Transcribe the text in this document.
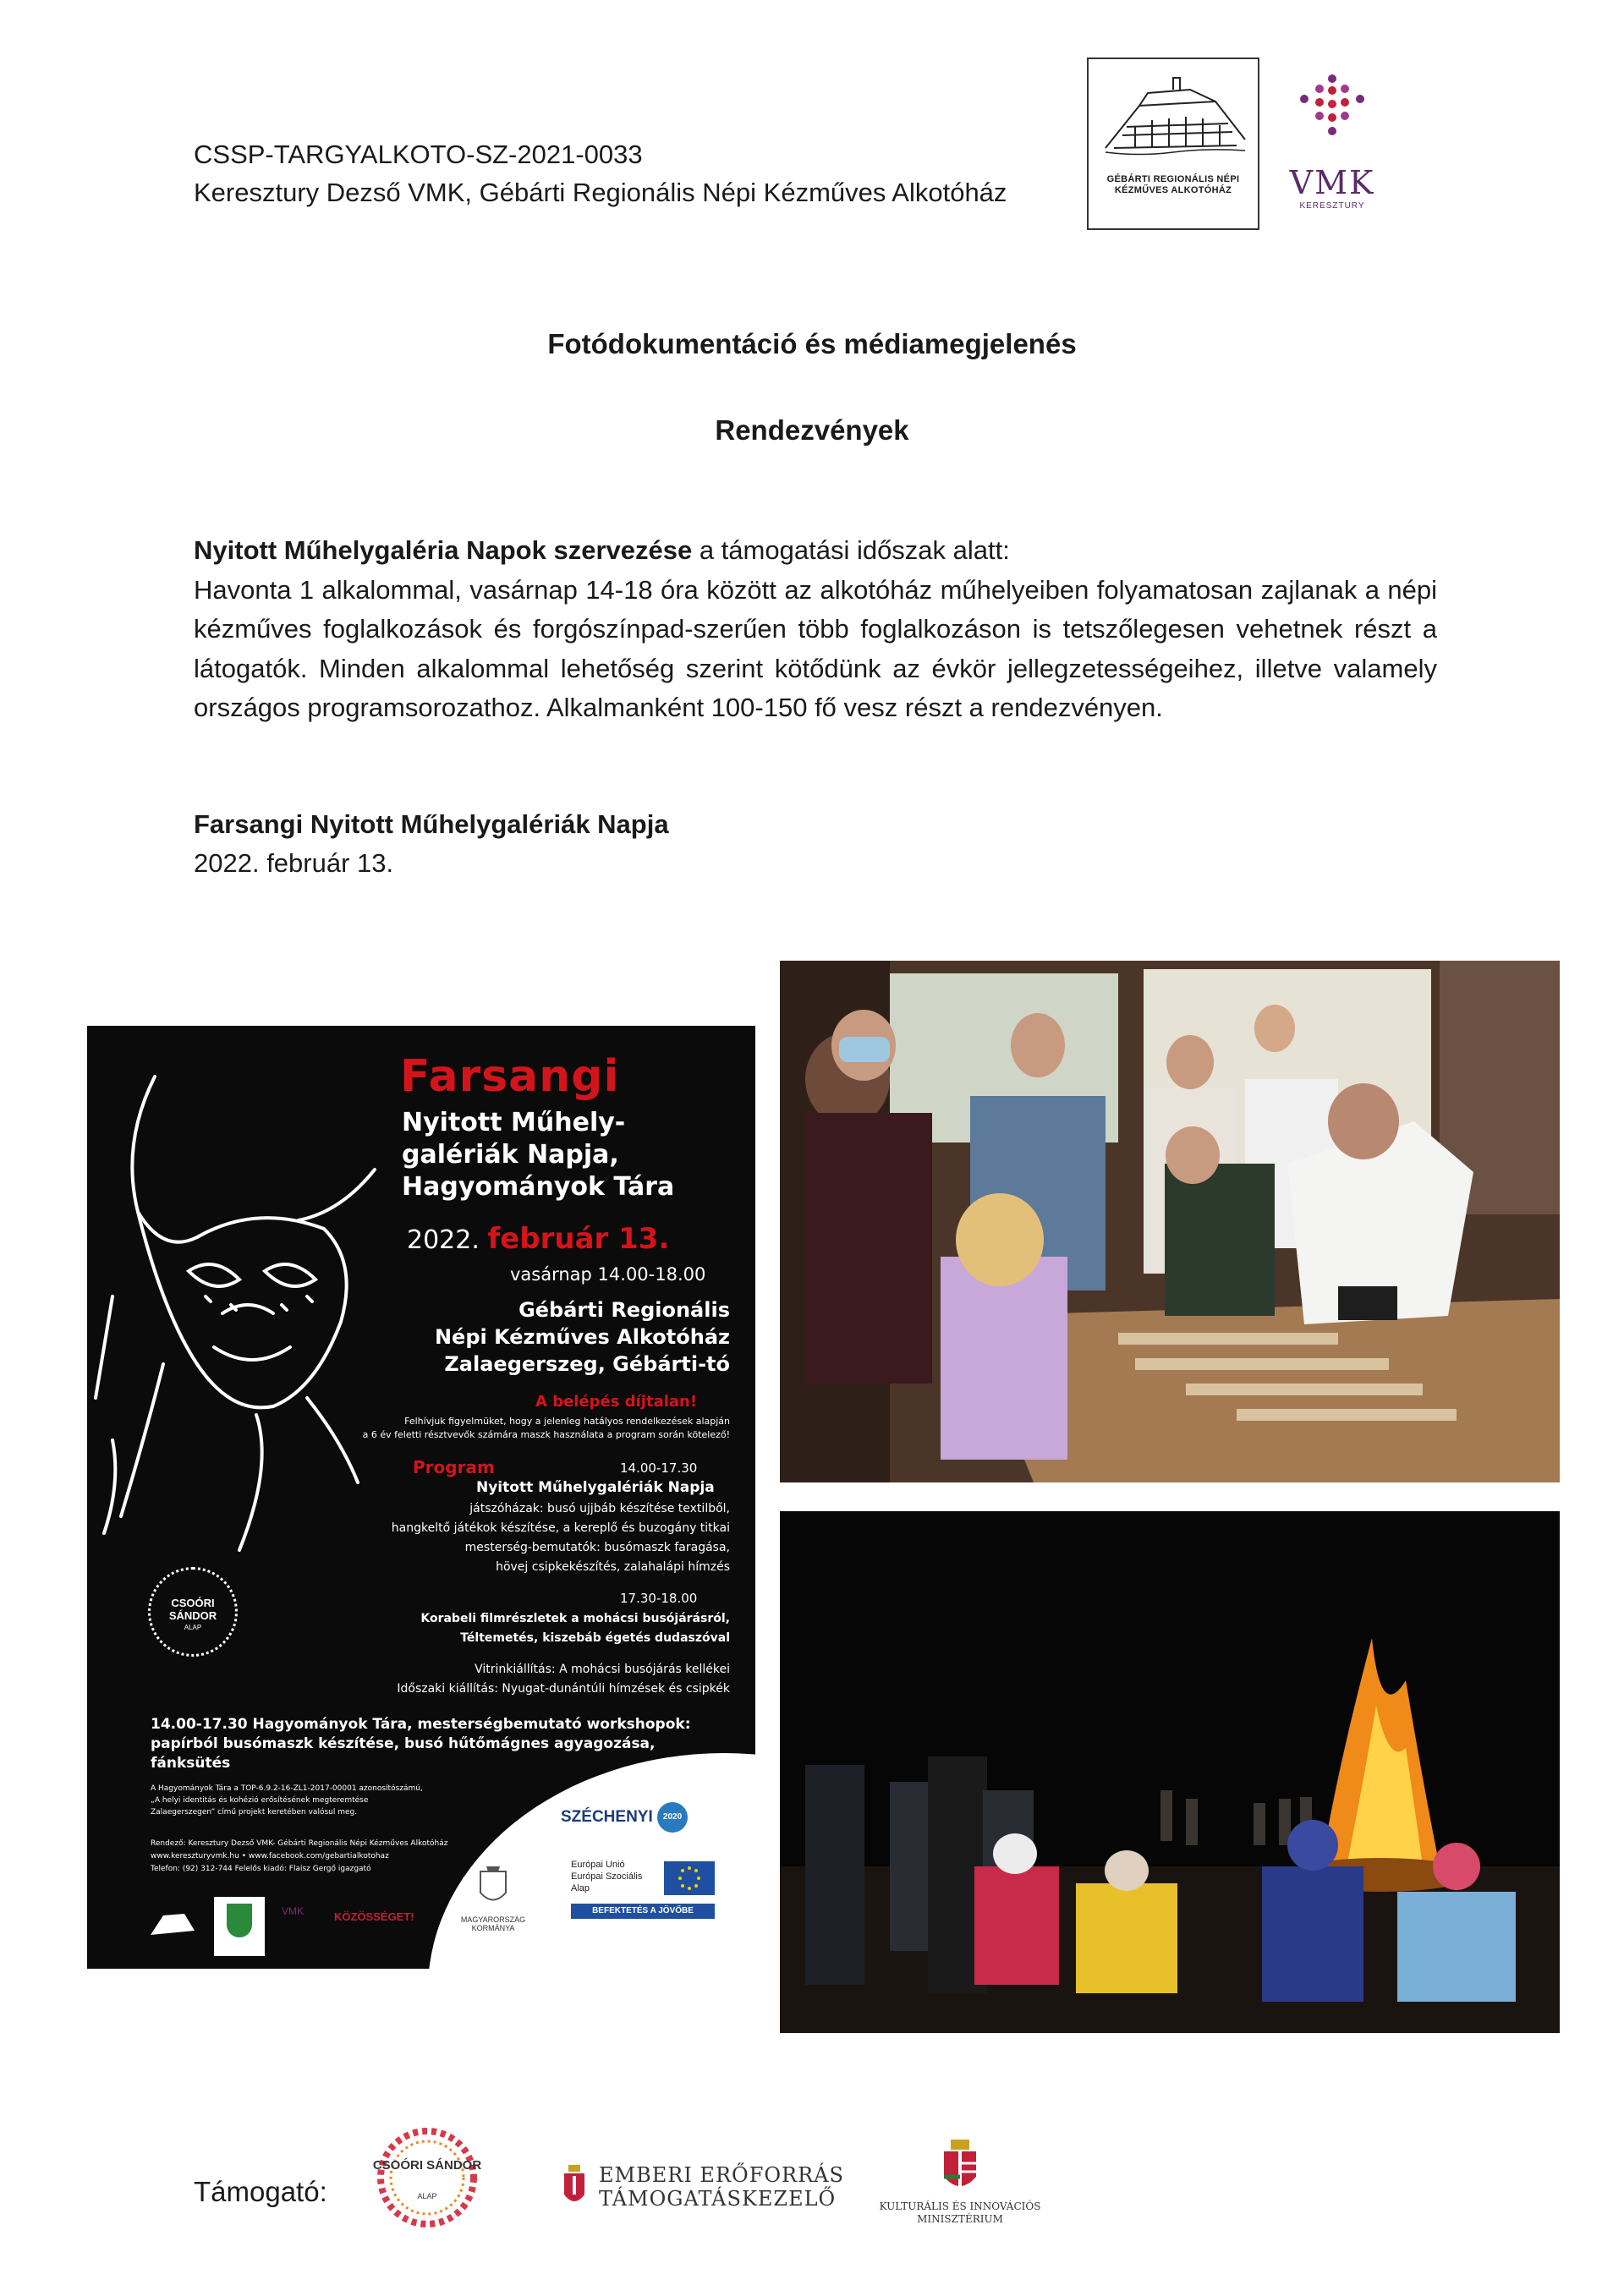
CSSP-TARGYALKOTO-SZ-2021-0033
Keresztury Dezső VMK, Gébárti Regionális Népi Kézműves Alkotóház	GÉBÁRTI REGIONÁLIS NÉPI KÉZMŰVES ALKOTÓHÁZ	VMK
KERESZTURY
Fotódokumentáció és médiamegjelenés
Rendezvények
Nyitott Műhelygaléria Napok szervezése a támogatási időszak alatt:
Havonta 1 alkalommal, vasárnap 14-18 óra között az alkotóház műhelyeiben folyamatosan zajlanak a népi kézműves foglalkozások és forgószínpad-szerűen több foglalkozáson is tetszőlegesen vehetnek részt a látogatók. Minden alkalommal lehetőség szerint kötődünk az évkör jellegzetességeihez, illetve valamely országos programsorozathoz. Alkalmanként 100-150 fő vesz részt a rendezvényen.
Farsangi Nyitott Műhelygalériák Napja
2022. február 13.
Farsangi
Nyitott Műhely-
galériák Napja,
Hagyományok Tára
2022. február 13.
vasárnap 14.00-18.00
Gébárti Regionális
Népi Kézműves Alkotóház
Zalaegerszeg, Gébárti-tó
A belépés díjtalan!
Felhívjuk figyelmüket, hogy a jelenleg hatályos rendelkezések alapján
a 6 év feletti résztvevők számára maszk használata a program során kötelező!
Program	14.00-17.30
Nyitott Műhelygalériák Napja
játszóházak: busó ujjbáb készítése textilből,
hangkeltő játékok készítése, a kereplő és buzogány titkai
mesterség-bemutatók: busómaszk faragása,
hövej csipkekészítés, zalahalápi hímzés
17.30-18.00
Korabeli filmrészletek a mohácsi busójárásról,
Téltemetés, kiszebáb égetés dudaszóval
Vitrinkiállítás: A mohácsi busójárás kellékei
Időszaki kiállítás: Nyugat-dunántúli hímzések és csipkék
CSOÓRI SÁNDOR
ALAP
14.00-17.30 Hagyományok Tára, mesterségbemutató workshopok:
papírból busómaszk készítése, busó hűtőmágnes agyagozása,
fánksütés
A Hagyományok Tára a TOP-6.9.2-16-ZL1-2017-00001 azonosítószámú,
„A helyi identitás és kohézió erősítésének megteremtése
Zalaegerszegen” című projekt keretében valósul meg.
Rendező: Keresztury Dezső VMK- Gébárti Regionális Népi Kézműves Alkotóház
www.kereszturyvmk.hu • www.facebook.com/gebartialkotohaz
Telefon: (92) 312-744 Felelős kiadó: Flaisz Gergő igazgató
SZÉCHENYI 2020
VMK	KÖZÖSSÉGET!	MAGYARORSZÁG KORMÁNYA
Európai Unió
Európai Szociális
Alap
BEFEKTETÉS A JÖVŐBE
Támogató:
CSOÓRI SÁNDOR
ALAP
EMBERI ERŐFORRÁS
TÁMOGATÁSKEZELŐ	KULTURÁLIS ÉS INNOVÁCIÓS
MINISZTÉRIUM
